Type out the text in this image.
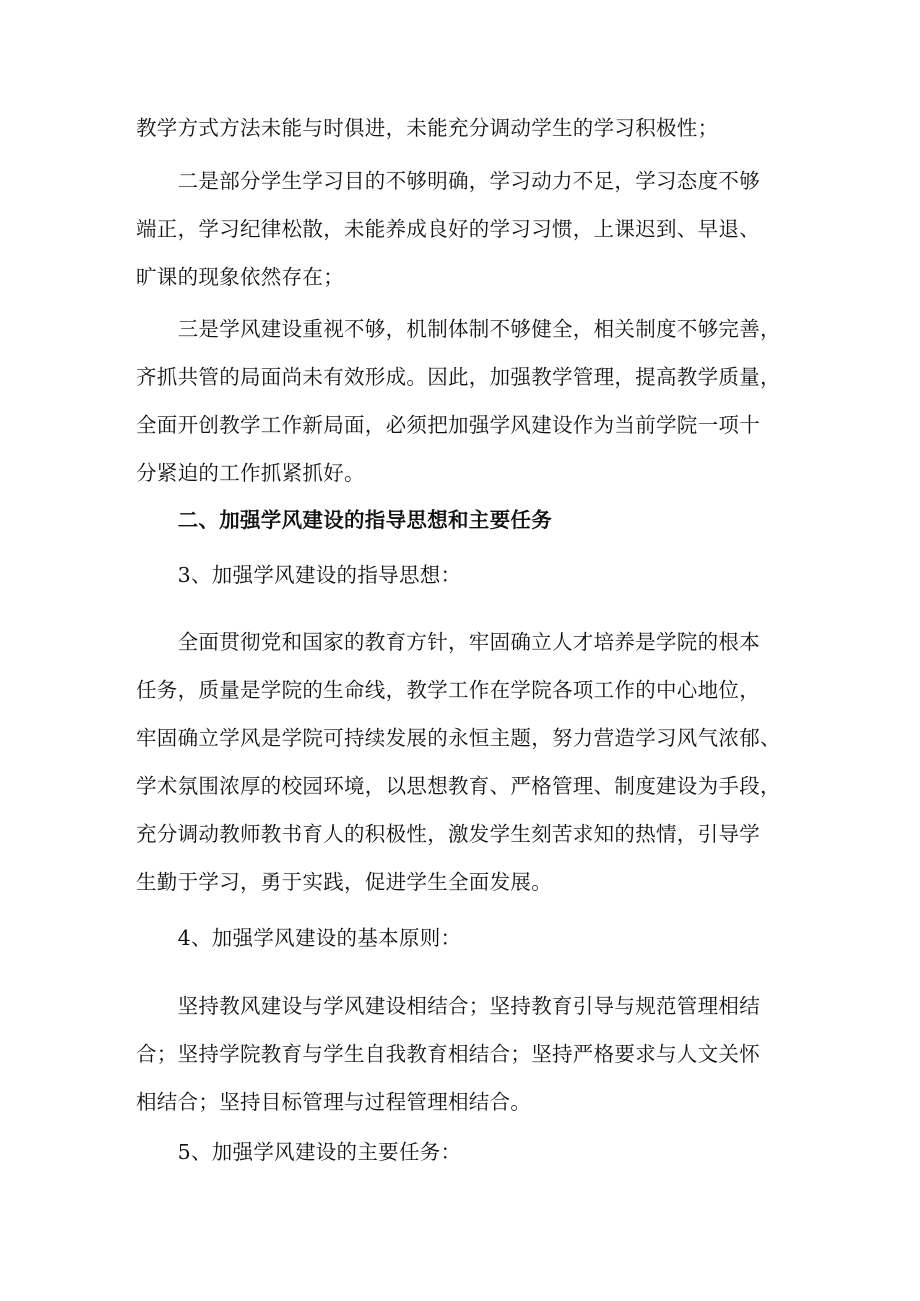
教学方式方法未能与时俱进，未能充分调动学生的学习积极性；

　　二是部分学生学习目的不够明确，学习动力不足，学习态度不够
端正，学习纪律松散，未能养成良好的学习习惯，上课迟到、早退、
旷课的现象依然存在；

　　三是学风建设重视不够，机制体制不够健全，相关制度不够完善，
齐抓共管的局面尚未有效形成。因此，加强教学管理，提高教学质量，
全面开创教学工作新局面，必须把加强学风建设作为当前学院一项十
分紧迫的工作抓紧抓好。

　　二、加强学风建设的指导思想和主要任务

　　3、加强学风建设的指导思想：

　　全面贯彻党和国家的教育方针，牢固确立人才培养是学院的根本
任务，质量是学院的生命线，教学工作在学院各项工作的中心地位，
牢固确立学风是学院可持续发展的永恒主题，努力营造学习风气浓郁、
学术氛围浓厚的校园环境，以思想教育、严格管理、制度建设为手段，
充分调动教师教书育人的积极性，激发学生刻苦求知的热情，引导学
生勤于学习，勇于实践，促进学生全面发展。

　　4、加强学风建设的基本原则：

　　坚持教风建设与学风建设相结合；坚持教育引导与规范管理相结
合；坚持学院教育与学生自我教育相结合；坚持严格要求与人文关怀
相结合；坚持目标管理与过程管理相结合。

　　5、加强学风建设的主要任务：
